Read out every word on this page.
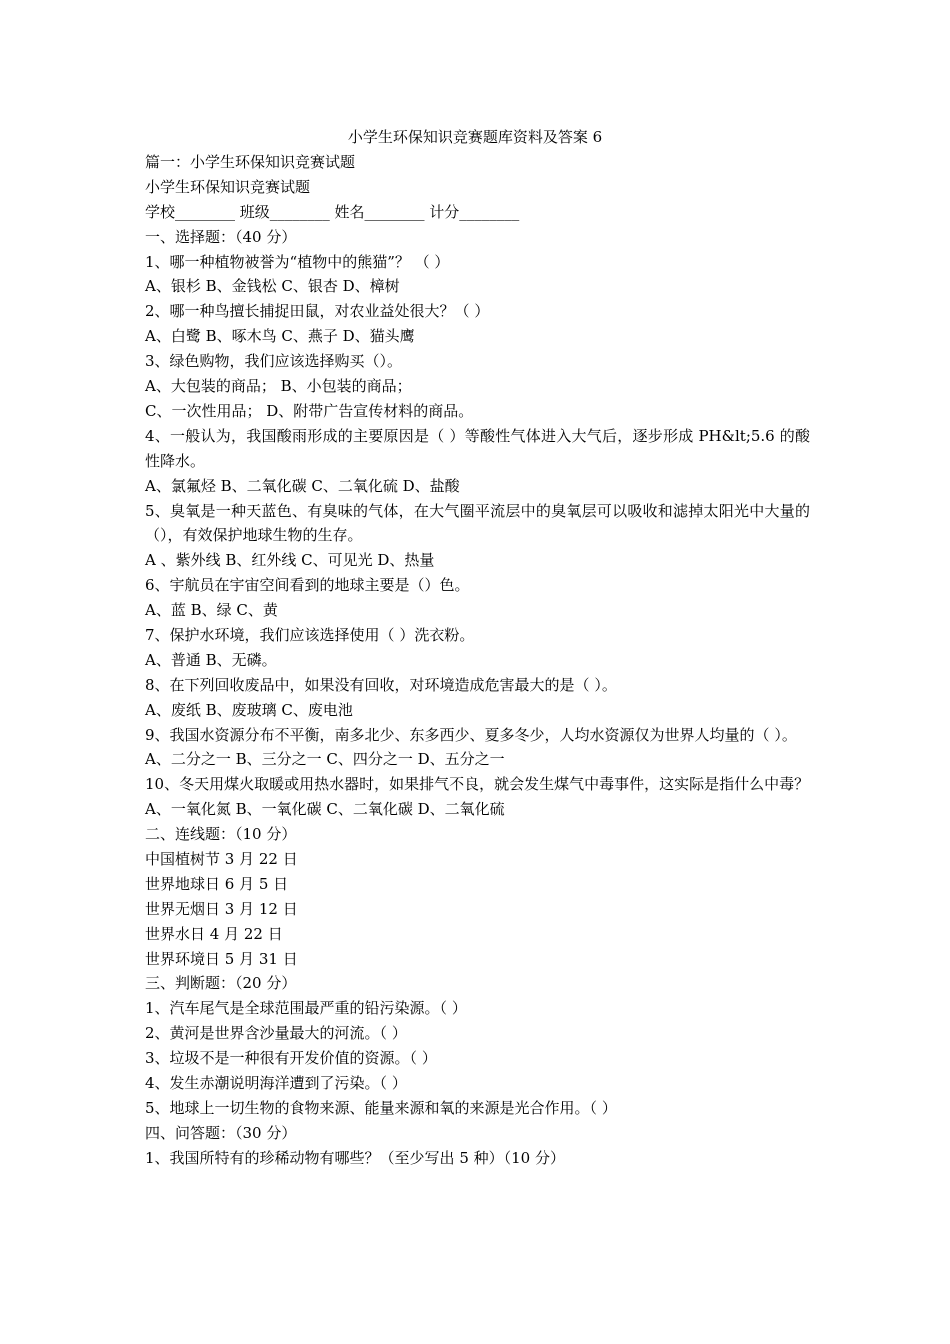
小学生环保知识竞赛题库资料及答案 6
篇一：小学生环保知识竞赛试题
小学生环保知识竞赛试题
学校________ 班级________ 姓名________ 计分________
一、选择题：（40 分）
1、哪一种植物被誉为“植物中的熊猫”？ （ ）
A、银杉 B、金钱松 C、银杏 D、樟树
2、哪一种鸟擅长捕捉田鼠，对农业益处很大？（ ）
A、白鹭 B、啄木鸟 C、燕子 D、猫头鹰
3、绿色购物，我们应该选择购买（）。
A、大包装的商品； B、小包装的商品；
C、一次性用品； D、附带广告宣传材料的商品。
4、一般认为，我国酸雨形成的主要原因是（ ）等酸性气体进入大气后，逐步形成 PH&lt;5.6 的酸性降水。
A、氯氟烃 B、二氧化碳 C、二氧化硫 D、盐酸
5、臭氧是一种天蓝色、有臭味的气体，在大气圈平流层中的臭氧层可以吸收和滤掉太阳光中大量的（），有效保护地球生物的生存。
A 、紫外线 B、红外线 C、可见光 D、热量
6、宇航员在宇宙空间看到的地球主要是（）色。
A、蓝 B、绿 C、黄
7、保护水环境，我们应该选择使用（ ）洗衣粉。
A、普通 B、无磷。
8、在下列回收废品中，如果没有回收，对环境造成危害最大的是（ ）。
A、废纸 B、废玻璃 C、废电池
9、我国水资源分布不平衡，南多北少、东多西少、夏多冬少，人均水资源仅为世界人均量的（ ）。
A、二分之一 B、三分之一 C、四分之一 D、五分之一
10、冬天用煤火取暖或用热水器时，如果排气不良，就会发生煤气中毒事件，这实际是指什么中毒？
A、一氧化氮 B、一氧化碳 C、二氧化碳 D、二氧化硫
二、连线题：（10 分）
中国植树节 3 月 22 日
世界地球日 6 月 5 日
世界无烟日 3 月 12 日
世界水日 4 月 22 日
世界环境日 5 月 31 日
三、判断题：（20 分）
1、汽车尾气是全球范围最严重的铅污染源。（ ）
2、黄河是世界含沙量最大的河流。（ ）
3、垃圾不是一种很有开发价值的资源。（ ）
4、发生赤潮说明海洋遭到了污染。（ ）
5、地球上一切生物的食物来源、能量来源和氧的来源是光合作用。（ ）
四、问答题：（30 分）
1、我国所特有的珍稀动物有哪些？（至少写出 5 种）（10 分）
